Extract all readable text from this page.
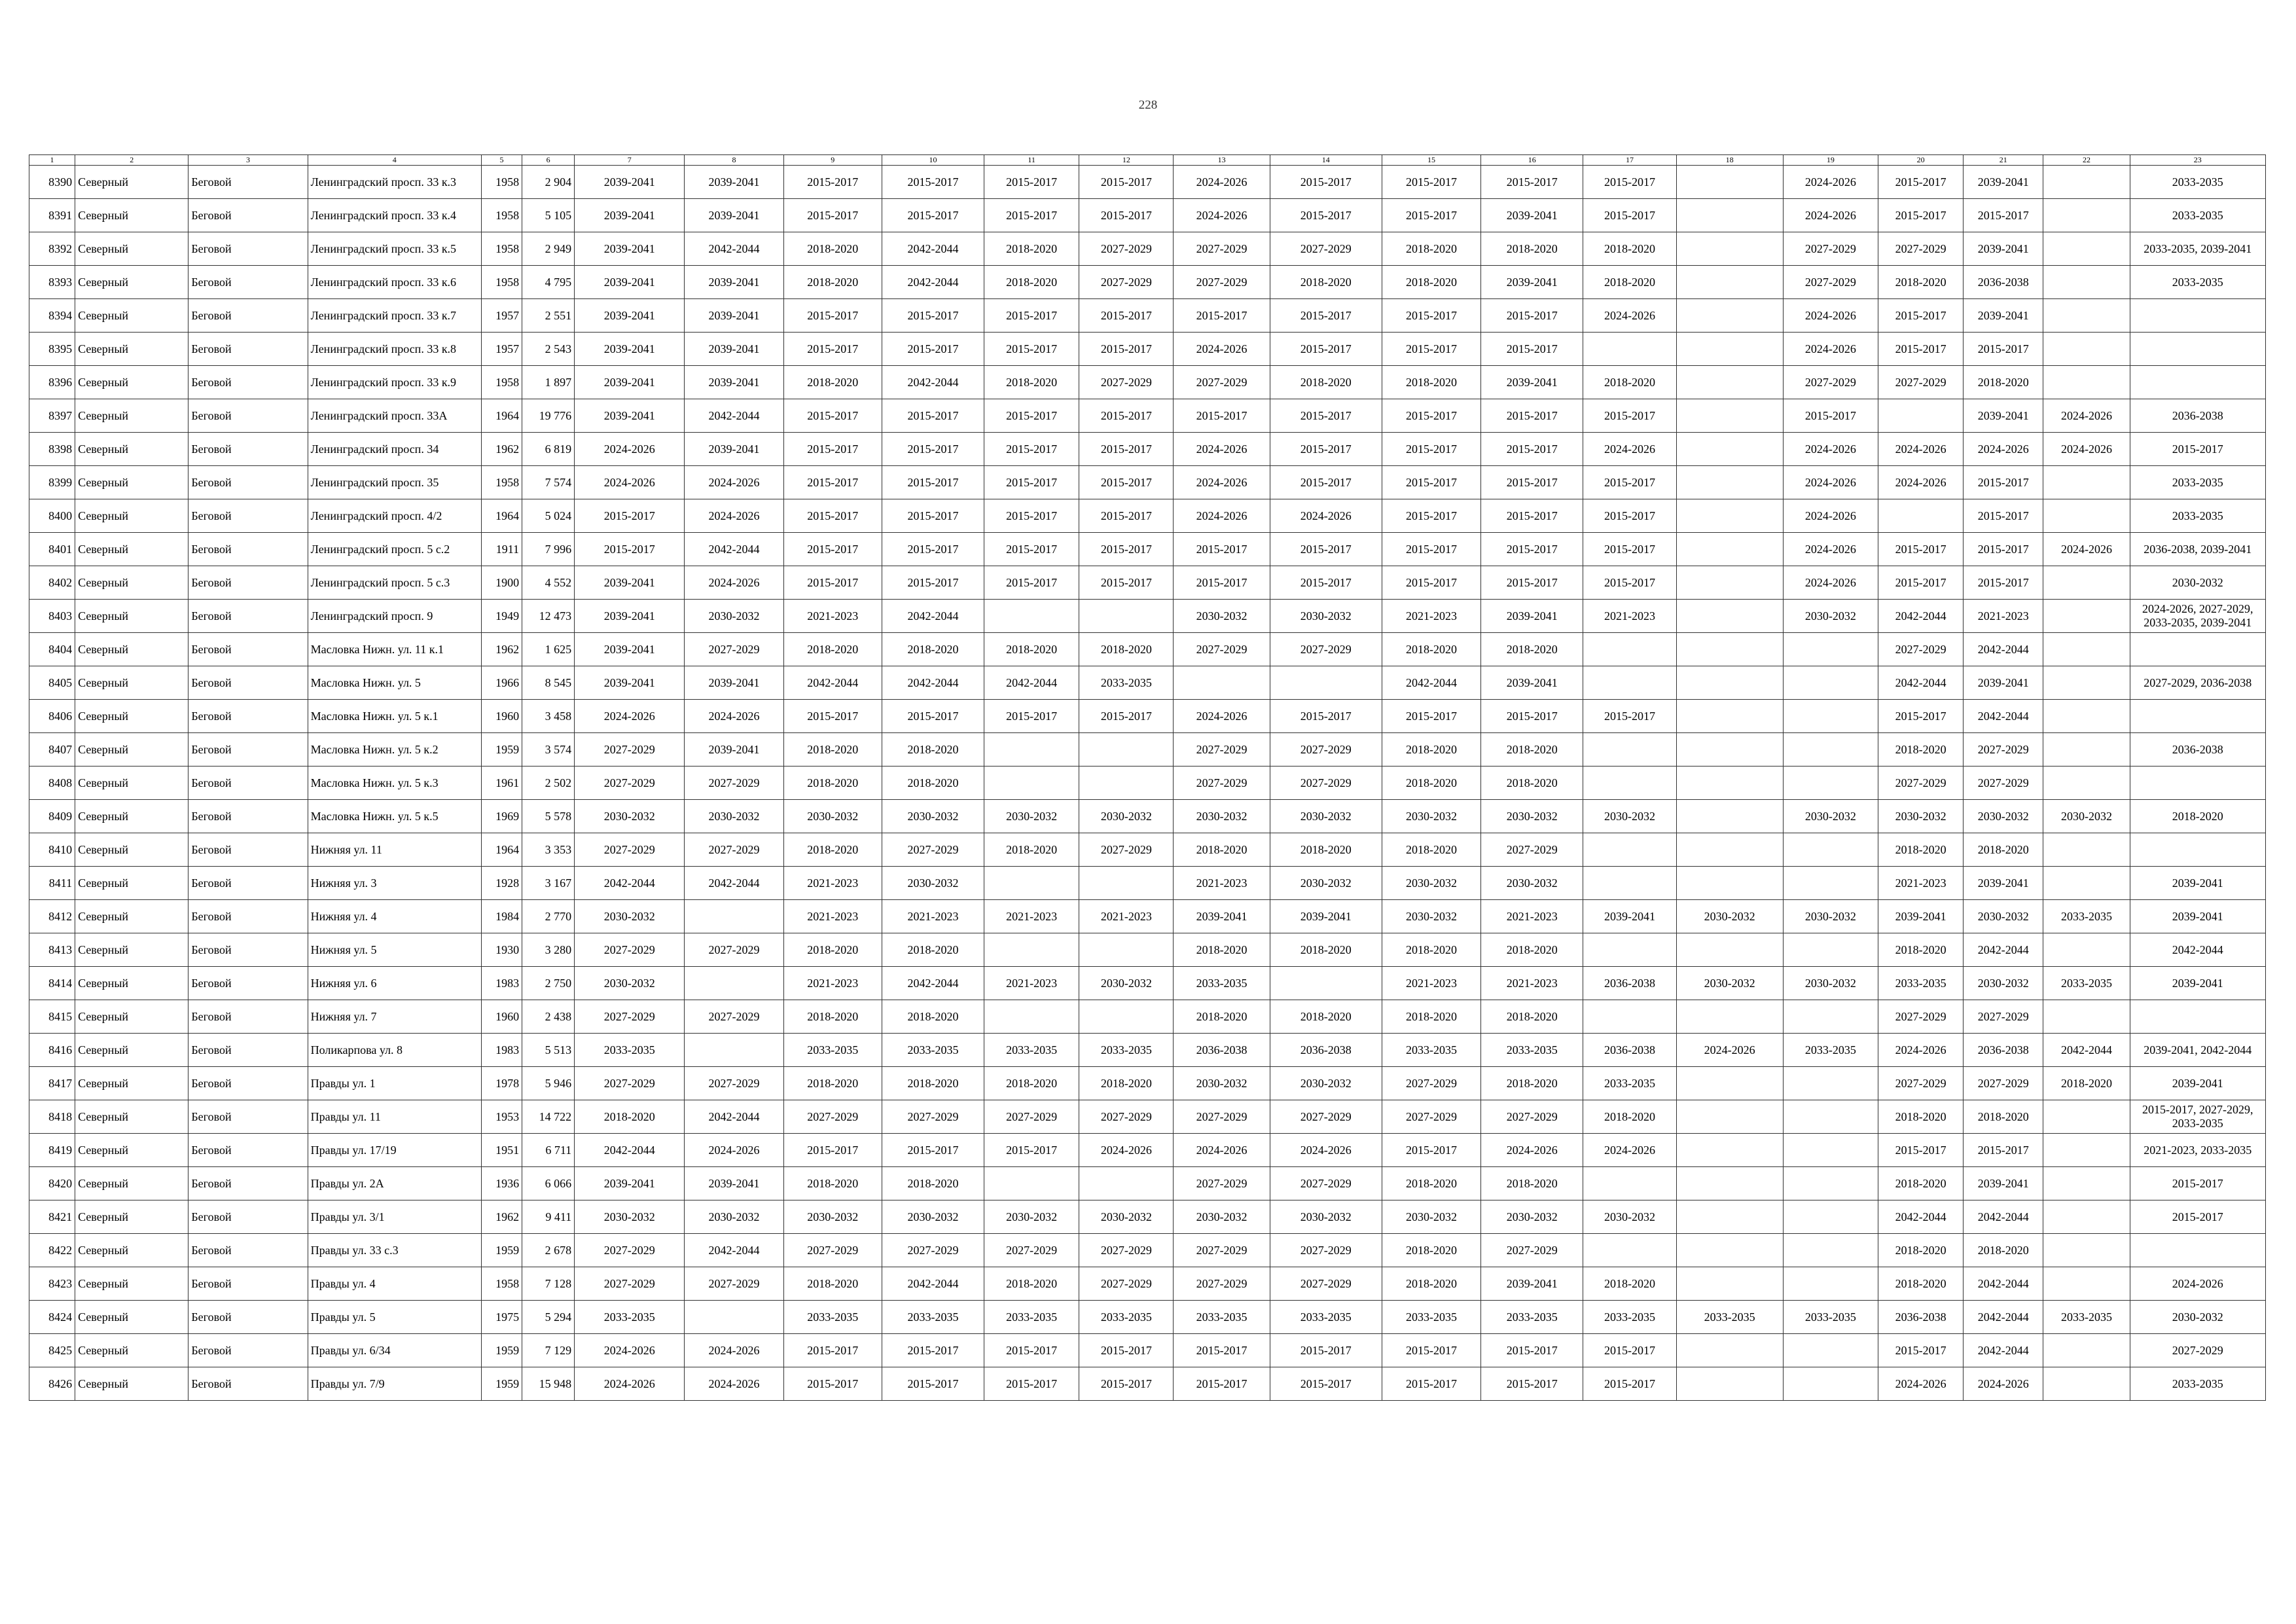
228
1	2	3	4	5	6	7	8	9	10	11	12	13	14	15	16	17	18	19	20	21	22	23
8390	Северный	Беговой	Ленинградский просп. 33 к.3	1958	2 904	2039-2041	2039-2041	2015-2017	2015-2017	2015-2017	2015-2017	2024-2026	2015-2017	2015-2017	2015-2017	2015-2017		2024-2026	2015-2017	2039-2041		2033-2035
8391	Северный	Беговой	Ленинградский просп. 33 к.4	1958	5 105	2039-2041	2039-2041	2015-2017	2015-2017	2015-2017	2015-2017	2024-2026	2015-2017	2015-2017	2039-2041	2015-2017		2024-2026	2015-2017	2015-2017		2033-2035
8392	Северный	Беговой	Ленинградский просп. 33 к.5	1958	2 949	2039-2041	2042-2044	2018-2020	2042-2044	2018-2020	2027-2029	2027-2029	2027-2029	2018-2020	2018-2020	2018-2020		2027-2029	2027-2029	2039-2041		2033-2035, 2039-2041
8393	Северный	Беговой	Ленинградский просп. 33 к.6	1958	4 795	2039-2041	2039-2041	2018-2020	2042-2044	2018-2020	2027-2029	2027-2029	2018-2020	2018-2020	2039-2041	2018-2020		2027-2029	2018-2020	2036-2038		2033-2035
8394	Северный	Беговой	Ленинградский просп. 33 к.7	1957	2 551	2039-2041	2039-2041	2015-2017	2015-2017	2015-2017	2015-2017	2015-2017	2015-2017	2015-2017	2015-2017	2024-2026		2024-2026	2015-2017	2039-2041		
8395	Северный	Беговой	Ленинградский просп. 33 к.8	1957	2 543	2039-2041	2039-2041	2015-2017	2015-2017	2015-2017	2015-2017	2024-2026	2015-2017	2015-2017	2015-2017			2024-2026	2015-2017	2015-2017		
8396	Северный	Беговой	Ленинградский просп. 33 к.9	1958	1 897	2039-2041	2039-2041	2018-2020	2042-2044	2018-2020	2027-2029	2027-2029	2018-2020	2018-2020	2039-2041	2018-2020		2027-2029	2027-2029	2018-2020		
8397	Северный	Беговой	Ленинградский просп. 33А	1964	19 776	2039-2041	2042-2044	2015-2017	2015-2017	2015-2017	2015-2017	2015-2017	2015-2017	2015-2017	2015-2017	2015-2017		2015-2017		2039-2041	2024-2026	2036-2038
8398	Северный	Беговой	Ленинградский просп. 34	1962	6 819	2024-2026	2039-2041	2015-2017	2015-2017	2015-2017	2015-2017	2024-2026	2015-2017	2015-2017	2015-2017	2024-2026		2024-2026	2024-2026	2024-2026	2024-2026	2015-2017
8399	Северный	Беговой	Ленинградский просп. 35	1958	7 574	2024-2026	2024-2026	2015-2017	2015-2017	2015-2017	2015-2017	2024-2026	2015-2017	2015-2017	2015-2017	2015-2017		2024-2026	2024-2026	2015-2017		2033-2035
8400	Северный	Беговой	Ленинградский просп. 4/2	1964	5 024	2015-2017	2024-2026	2015-2017	2015-2017	2015-2017	2015-2017	2024-2026	2024-2026	2015-2017	2015-2017	2015-2017		2024-2026		2015-2017		2033-2035
8401	Северный	Беговой	Ленинградский просп. 5 с.2	1911	7 996	2015-2017	2042-2044	2015-2017	2015-2017	2015-2017	2015-2017	2015-2017	2015-2017	2015-2017	2015-2017	2015-2017		2024-2026	2015-2017	2015-2017	2024-2026	2036-2038, 2039-2041
8402	Северный	Беговой	Ленинградский просп. 5 с.3	1900	4 552	2039-2041	2024-2026	2015-2017	2015-2017	2015-2017	2015-2017	2015-2017	2015-2017	2015-2017	2015-2017	2015-2017		2024-2026	2015-2017	2015-2017		2030-2032
8403	Северный	Беговой	Ленинградский просп. 9	1949	12 473	2039-2041	2030-2032	2021-2023	2042-2044			2030-2032	2030-2032	2021-2023	2039-2041	2021-2023		2030-2032	2042-2044	2021-2023		2024-2026, 2027-2029, 2033-2035, 2039-2041
8404	Северный	Беговой	Масловка Нижн. ул. 11 к.1	1962	1 625	2039-2041	2027-2029	2018-2020	2018-2020	2018-2020	2018-2020	2027-2029	2027-2029	2018-2020	2018-2020				2027-2029	2042-2044		
8405	Северный	Беговой	Масловка Нижн. ул. 5	1966	8 545	2039-2041	2039-2041	2042-2044	2042-2044	2042-2044	2033-2035			2042-2044	2039-2041				2042-2044	2039-2041		2027-2029, 2036-2038
8406	Северный	Беговой	Масловка Нижн. ул. 5 к.1	1960	3 458	2024-2026	2024-2026	2015-2017	2015-2017	2015-2017	2015-2017	2024-2026	2015-2017	2015-2017	2015-2017	2015-2017			2015-2017	2042-2044		
8407	Северный	Беговой	Масловка Нижн. ул. 5 к.2	1959	3 574	2027-2029	2039-2041	2018-2020	2018-2020			2027-2029	2027-2029	2018-2020	2018-2020				2018-2020	2027-2029		2036-2038
8408	Северный	Беговой	Масловка Нижн. ул. 5 к.3	1961	2 502	2027-2029	2027-2029	2018-2020	2018-2020			2027-2029	2027-2029	2018-2020	2018-2020				2027-2029	2027-2029		
8409	Северный	Беговой	Масловка Нижн. ул. 5 к.5	1969	5 578	2030-2032	2030-2032	2030-2032	2030-2032	2030-2032	2030-2032	2030-2032	2030-2032	2030-2032	2030-2032	2030-2032		2030-2032	2030-2032	2030-2032	2030-2032	2018-2020
8410	Северный	Беговой	Нижняя ул. 11	1964	3 353	2027-2029	2027-2029	2018-2020	2027-2029	2018-2020	2027-2029	2018-2020	2018-2020	2018-2020	2027-2029				2018-2020	2018-2020		
8411	Северный	Беговой	Нижняя ул. 3	1928	3 167	2042-2044	2042-2044	2021-2023	2030-2032			2021-2023	2030-2032	2030-2032	2030-2032				2021-2023	2039-2041		2039-2041
8412	Северный	Беговой	Нижняя ул. 4	1984	2 770	2030-2032		2021-2023	2021-2023	2021-2023	2021-2023	2039-2041	2039-2041	2030-2032	2021-2023	2039-2041	2030-2032	2030-2032	2039-2041	2030-2032	2033-2035	2039-2041
8413	Северный	Беговой	Нижняя ул. 5	1930	3 280	2027-2029	2027-2029	2018-2020	2018-2020			2018-2020	2018-2020	2018-2020	2018-2020				2018-2020	2042-2044		2042-2044
8414	Северный	Беговой	Нижняя ул. 6	1983	2 750	2030-2032		2021-2023	2042-2044	2021-2023	2030-2032	2033-2035		2021-2023	2021-2023	2036-2038	2030-2032	2030-2032	2033-2035	2030-2032	2033-2035	2039-2041
8415	Северный	Беговой	Нижняя ул. 7	1960	2 438	2027-2029	2027-2029	2018-2020	2018-2020			2018-2020	2018-2020	2018-2020	2018-2020				2027-2029	2027-2029		
8416	Северный	Беговой	Поликарпова ул. 8	1983	5 513	2033-2035		2033-2035	2033-2035	2033-2035	2033-2035	2036-2038	2036-2038	2033-2035	2033-2035	2036-2038	2024-2026	2033-2035	2024-2026	2036-2038	2042-2044	2039-2041, 2042-2044
8417	Северный	Беговой	Правды ул. 1	1978	5 946	2027-2029	2027-2029	2018-2020	2018-2020	2018-2020	2018-2020	2030-2032	2030-2032	2027-2029	2018-2020	2033-2035			2027-2029	2027-2029	2018-2020	2039-2041
8418	Северный	Беговой	Правды ул. 11	1953	14 722	2018-2020	2042-2044	2027-2029	2027-2029	2027-2029	2027-2029	2027-2029	2027-2029	2027-2029	2027-2029	2018-2020			2018-2020	2018-2020		2015-2017, 2027-2029, 2033-2035
8419	Северный	Беговой	Правды ул. 17/19	1951	6 711	2042-2044	2024-2026	2015-2017	2015-2017	2015-2017	2024-2026	2024-2026	2024-2026	2015-2017	2024-2026	2024-2026			2015-2017	2015-2017		2021-2023, 2033-2035
8420	Северный	Беговой	Правды ул. 2А	1936	6 066	2039-2041	2039-2041	2018-2020	2018-2020			2027-2029	2027-2029	2018-2020	2018-2020				2018-2020	2039-2041		2015-2017
8421	Северный	Беговой	Правды ул. 3/1	1962	9 411	2030-2032	2030-2032	2030-2032	2030-2032	2030-2032	2030-2032	2030-2032	2030-2032	2030-2032	2030-2032	2030-2032			2042-2044	2042-2044		2015-2017
8422	Северный	Беговой	Правды ул. 33 с.3	1959	2 678	2027-2029	2042-2044	2027-2029	2027-2029	2027-2029	2027-2029	2027-2029	2027-2029	2018-2020	2027-2029				2018-2020	2018-2020		
8423	Северный	Беговой	Правды ул. 4	1958	7 128	2027-2029	2027-2029	2018-2020	2042-2044	2018-2020	2027-2029	2027-2029	2027-2029	2018-2020	2039-2041	2018-2020			2018-2020	2042-2044		2024-2026
8424	Северный	Беговой	Правды ул. 5	1975	5 294	2033-2035		2033-2035	2033-2035	2033-2035	2033-2035	2033-2035	2033-2035	2033-2035	2033-2035	2033-2035	2033-2035	2033-2035	2036-2038	2042-2044	2033-2035	2030-2032
8425	Северный	Беговой	Правды ул. 6/34	1959	7 129	2024-2026	2024-2026	2015-2017	2015-2017	2015-2017	2015-2017	2015-2017	2015-2017	2015-2017	2015-2017	2015-2017			2015-2017	2042-2044		2027-2029
8426	Северный	Беговой	Правды ул. 7/9	1959	15 948	2024-2026	2024-2026	2015-2017	2015-2017	2015-2017	2015-2017	2015-2017	2015-2017	2015-2017	2015-2017	2015-2017			2024-2026	2024-2026		2033-2035
